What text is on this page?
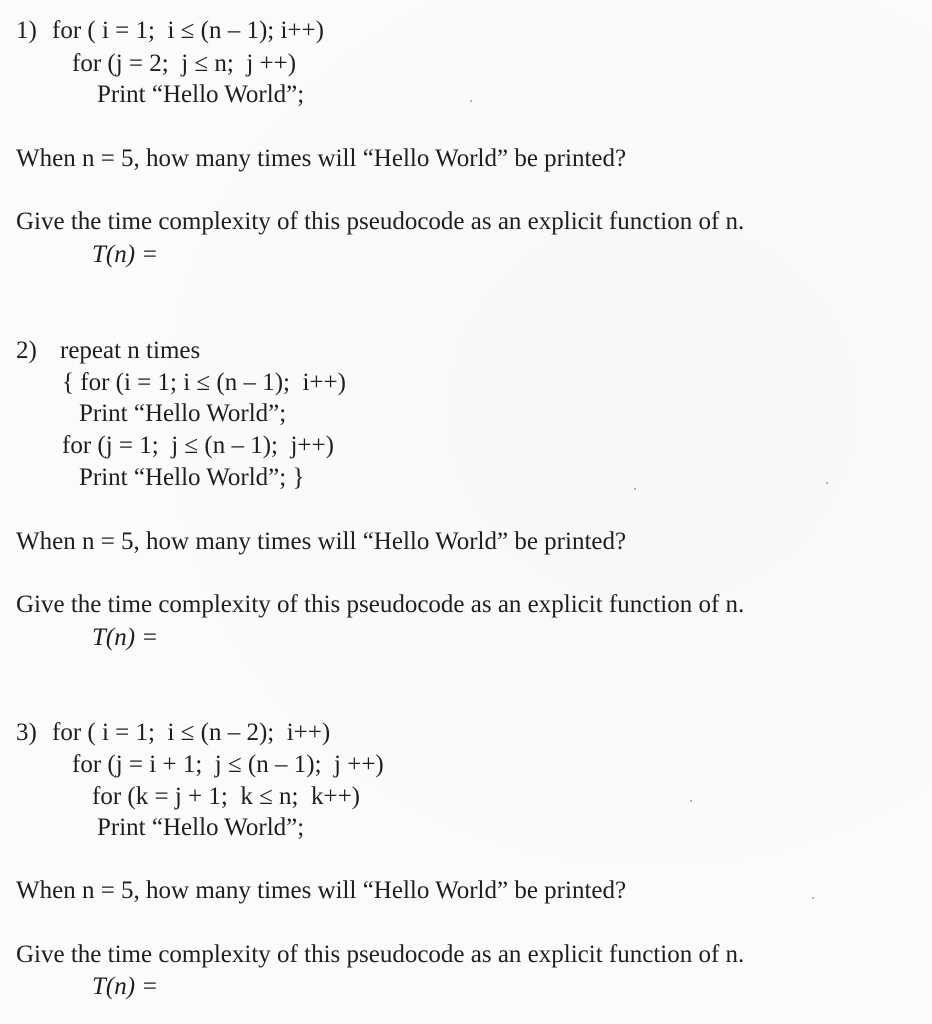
1) for ( i = 1;  i ≤ (n – 1); i++)
for (j = 2;  j ≤ n;  j ++)
Print “Hello World”;
When n = 5, how many times will “Hello World” be printed?
Give the time complexity of this pseudocode as an explicit function of n.
T(n) =
2) repeat n times
{ for (i = 1; i ≤ (n – 1);  i++)
Print “Hello World”;
for (j = 1;  j ≤ (n – 1);  j++)
Print “Hello World”; }
When n = 5, how many times will “Hello World” be printed?
Give the time complexity of this pseudocode as an explicit function of n.
T(n) =
3) for ( i = 1;  i ≤ (n – 2);  i++)
for (j = i + 1;  j ≤ (n – 1);  j ++)
for (k = j + 1;  k ≤ n;  k++)
Print “Hello World”;
When n = 5, how many times will “Hello World” be printed?
Give the time complexity of this pseudocode as an explicit function of n.
T(n) =
